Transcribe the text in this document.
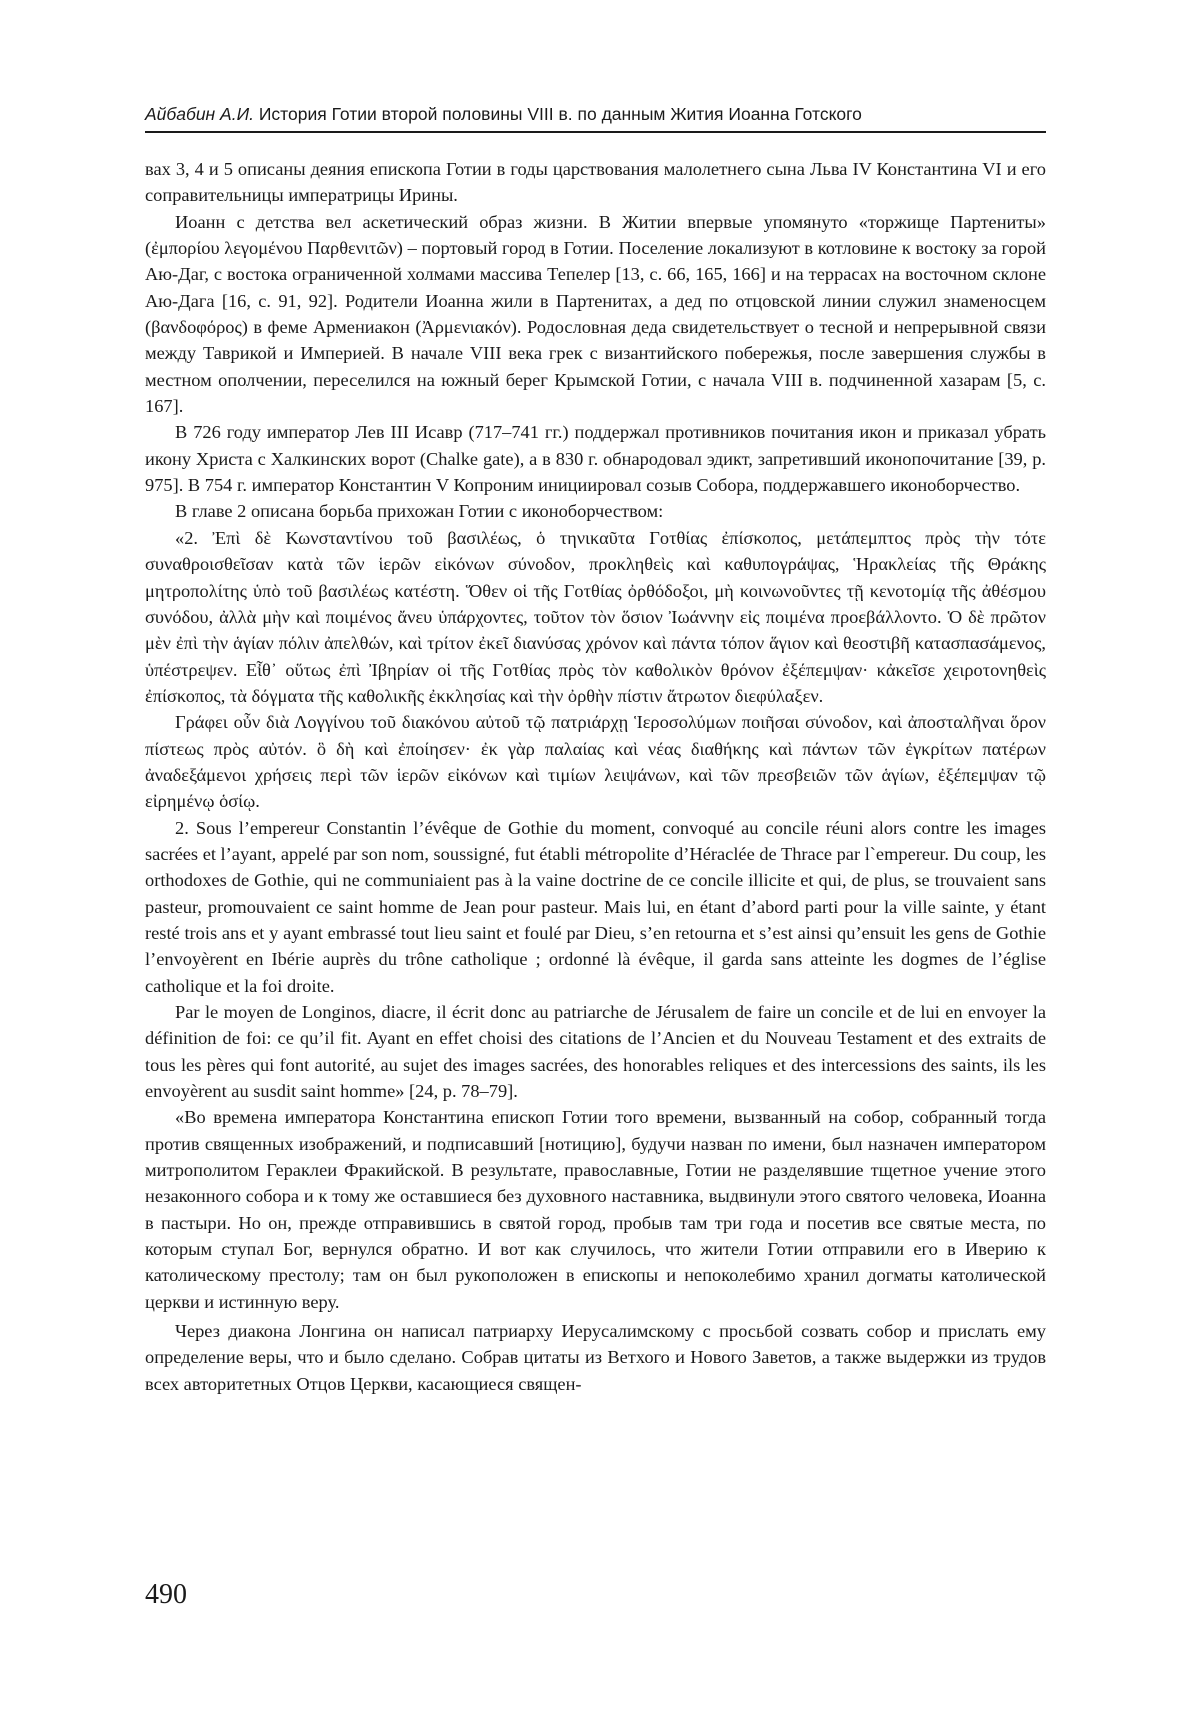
Айбабин А.И. История Готии второй половины VIII в. по данным Жития Иоанна Готского

вах 3, 4 и 5 описаны деяния епископа Готии в годы царствования малолетнего сына Льва IV Константина VI и его соправительницы императрицы Ирины.

Иоанн с детства вел аскетический образ жизни. В Житии впервые упомянуто «торжище Партениты» (ἐμπορίου λεγομένου Παρθενιτῶν) – портовый город в Готии. Поселение локализуют в котловине к востоку за горой Аю-Даг, с востока ограниченной холмами массива Тепелер [13, с. 66, 165, 166] и на террасах на восточном склоне Аю-Дага [16, с. 91, 92]. Родители Иоанна жили в Партенитах, а дед по отцовской линии служил знаменосцем (βανδοφόρος) в феме Армениакон (Ἀρμενιακόν). Родословная деда свидетельствует о тесной и непрерывной связи между Таврикой и Империей. В начале VIII века грек с византийского побережья, после завершения службы в местном ополчении, переселился на южный берег Крымской Готии, с начала VIII в. подчиненной хазарам [5, с. 167].

В 726 году император Лев III Исавр (717–741 гг.) поддержал противников почитания икон и приказал убрать икону Христа с Халкинских ворот (Chalke gate), а в 830 г. обнародовал эдикт, запретивший иконопочитание [39, p. 975]. В 754 г. император Константин V Копроним инициировал созыв Собора, поддержавшего иконоборчество.

В главе 2 описана борьба прихожан Готии с иконоборчеством:

«2. Ἐπὶ δὲ Κωνσταντίνου τοῦ βασιλέως, ὁ τηνικαῦτα Γοτθίας ἐπίσκοπος, μετάπεμπτος πρὸς τὴν τότε συναθροισθεῖσαν κατὰ τῶν ἱερῶν εἰκόνων σύνοδον, προκληθεὶς καὶ καθυπογράψας, Ἡρακλείας τῆς Θράκης μητροπολίτης ὑπὸ τοῦ βασιλέως κατέστη. Ὅθεν οἱ τῆς Γοτθίας ὀρθόδοξοι, μὴ κοινωνοῦντες τῇ κενοτομίᾳ τῆς ἀθέσμου συνόδου, ἀλλὰ μὴν καὶ ποιμένος ἄνευ ὑπάρχοντες, τοῦτον τὸν ὅσιον Ἰωάννην εἰς ποιμένα προεβάλλοντο. Ὁ δὲ πρῶτον μὲν ἐπὶ τὴν ἁγίαν πόλιν ἀπελθών, καὶ τρίτον ἐκεῖ διανύσας χρόνον καὶ πάντα τόπον ἅγιον καὶ θεοστιβῆ κατασπασάμενος, ὑπέστρεψεν. Εἶθ᾽ οὕτως ἐπὶ Ἰβηρίαν οἱ τῆς Γοτθίας πρὸς τὸν καθολικὸν θρόνον ἐξέπεμψαν· κἀκεῖσε χειροτονηθεὶς ἐπίσκοπος, τὰ δόγματα τῆς καθολικῆς ἐκκλησίας καὶ τὴν ὀρθὴν πίστιν ἄτρωτον διεφύλαξεν.

Γράφει οὖν διὰ Λογγίνου τοῦ διακόνου αὐτοῦ τῷ πατριάρχῃ Ἱεροσολύμων ποιῆσαι σύνοδον, καὶ ἀποσταλῆναι ὅρον πίστεως πρὸς αὐτόν. ὃ δὴ καὶ ἐποίησεν· ἐκ γὰρ παλαίας καὶ νέας διαθήκης καὶ πάντων τῶν ἐγκρίτων πατέρων ἀναδεξάμενοι χρήσεις περὶ τῶν ἱερῶν εἰκόνων καὶ τιμίων λειψάνων, καὶ τῶν πρεσβειῶν τῶν ἁγίων, ἐξέπεμψαν τῷ εἰρημένῳ ὁσίῳ.

2. Sous l’empereur Constantin l’évêque de Gothie du moment, convoqué au concile réuni alors contre les images sacrées et l’ayant, appelé par son nom, soussigné, fut établi métropolite d’Héraclée de Thrace par l`empereur. Du coup, les orthodoxes de Gothie, qui ne communiaient pas à la vaine doctrine de ce concile illicite et qui, de plus, se trouvaient sans pasteur, promouvaient ce saint homme de Jean pour pasteur. Mais lui, en étant d’abord parti pour la ville sainte, y étant resté trois ans et y ayant embrassé tout lieu saint et foulé par Dieu, s’en retourna et s’est ainsi qu’ensuit les gens de Gothie l’envoyèrent en Ibérie auprès du trône catholique ; ordonné là évêque, il garda sans atteinte les dogmes de l’église catholique et la foi droite.

Par le moyen de Longinos, diacre, il écrit donc au patriarche de Jérusalem de faire un concile et de lui en envoyer la définition de foi: ce qu’il fit. Ayant en effet choisi des citations de l’Ancien et du Nouveau Testament et des extraits de tous les pères qui font autorité, au sujet des images sacrées, des honorables reliques et des intercessions des saints, ils les envoyèrent au susdit saint homme» [24, p. 78–79].

«Во времена императора Константина епископ Готии того времени, вызванный на собор, собранный тогда против священных изображений, и подписавший [нотицию], будучи назван по имени, был назначен императором митрополитом Гераклеи Фракийской. В результате, православные, Готии не разделявшие тщетное учение этого незаконного собора и к тому же оставшиеся без духовного наставника, выдвинули этого святого человека, Иоанна в пастыри. Но он, прежде отправившись в святой город, пробыв там три года и посетив все святые места, по которым ступал Бог, вернулся обратно. И вот как случилось, что жители Готии отправили его в Иверию к католическому престолу; там он был рукоположен в епископы и непоколебимо хранил догматы католической церкви и истинную веру.

Через диакона Лонгина он написал патриарху Иерусалимскому с просьбой созвать собор и прислать ему определение веры, что и было сделано. Собрав цитаты из Ветхого и Нового Заветов, а также выдержки из трудов всех авторитетных Отцов Церкви, касающиеся священ-

490
